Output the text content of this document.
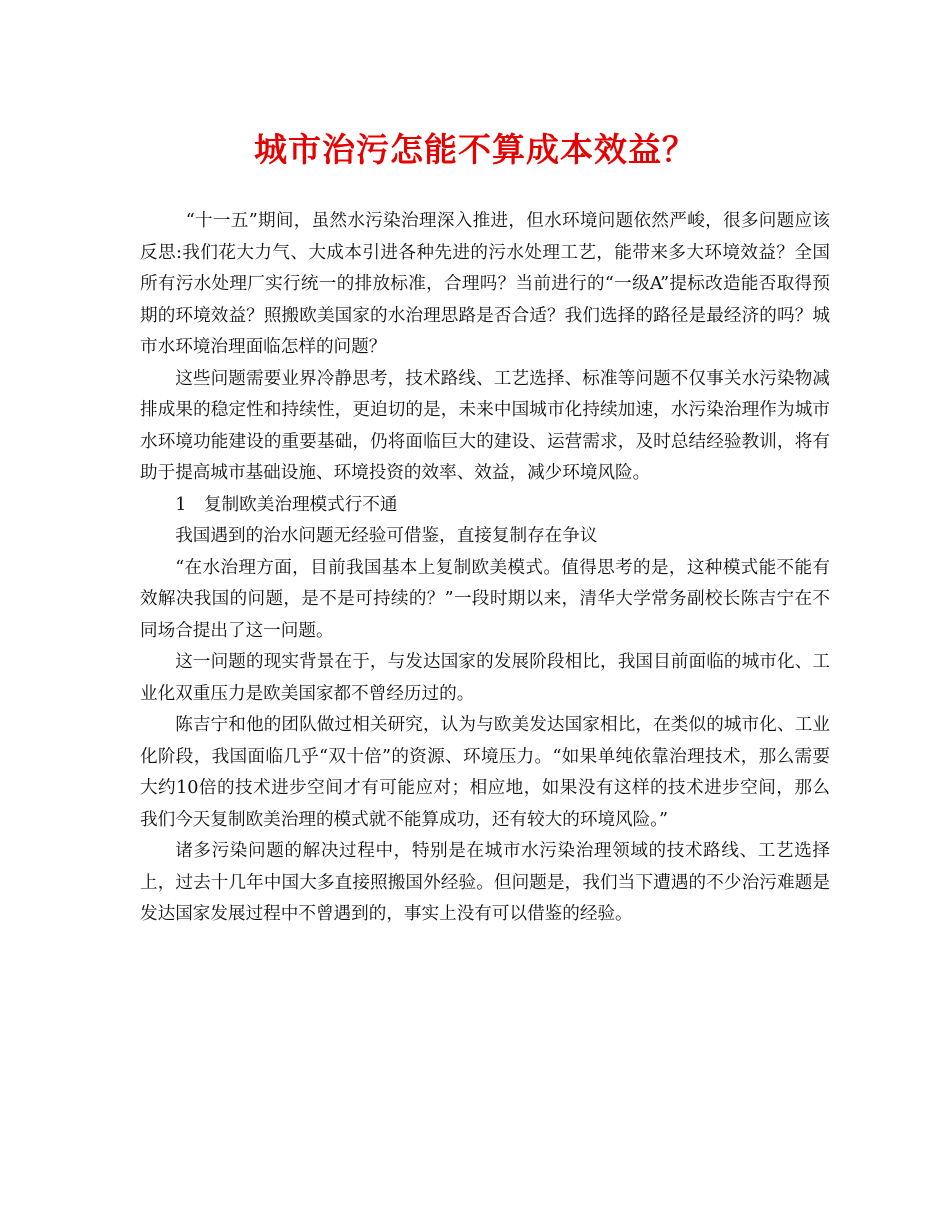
城市治污怎能不算成本效益？

“十一五”期间，虽然水污染治理深入推进，但水环境问题依然严峻，很多问题应该反思:我们花大力气、大成本引进各种先进的污水处理工艺，能带来多大环境效益？全国所有污水处理厂实行统一的排放标准，合理吗？当前进行的“一级A”提标改造能否取得预期的环境效益？照搬欧美国家的水治理思路是否合适？我们选择的路径是最经济的吗？城市水环境治理面临怎样的问题？

这些问题需要业界冷静思考，技术路线、工艺选择、标准等问题不仅事关水污染物减排成果的稳定性和持续性，更迫切的是，未来中国城市化持续加速，水污染治理作为城市水环境功能建设的重要基础，仍将面临巨大的建设、运营需求，及时总结经验教训，将有助于提高城市基础设施、环境投资的效率、效益，减少环境风险。

1　复制欧美治理模式行不通

我国遇到的治水问题无经验可借鉴，直接复制存在争议

“在水治理方面，目前我国基本上复制欧美模式。值得思考的是，这种模式能不能有效解决我国的问题，是不是可持续的？”一段时期以来，清华大学常务副校长陈吉宁在不同场合提出了这一问题。

这一问题的现实背景在于，与发达国家的发展阶段相比，我国目前面临的城市化、工业化双重压力是欧美国家都不曾经历过的。

陈吉宁和他的团队做过相关研究，认为与欧美发达国家相比，在类似的城市化、工业化阶段，我国面临几乎“双十倍”的资源、环境压力。“如果单纯依靠治理技术，那么需要大约10倍的技术进步空间才有可能应对；相应地，如果没有这样的技术进步空间，那么我们今天复制欧美治理的模式就不能算成功，还有较大的环境风险。”

诸多污染问题的解决过程中，特别是在城市水污染治理领域的技术路线、工艺选择上，过去十几年中国大多直接照搬国外经验。但问题是，我们当下遭遇的不少治污难题是发达国家发展过程中不曾遇到的，事实上没有可以借鉴的经验。
